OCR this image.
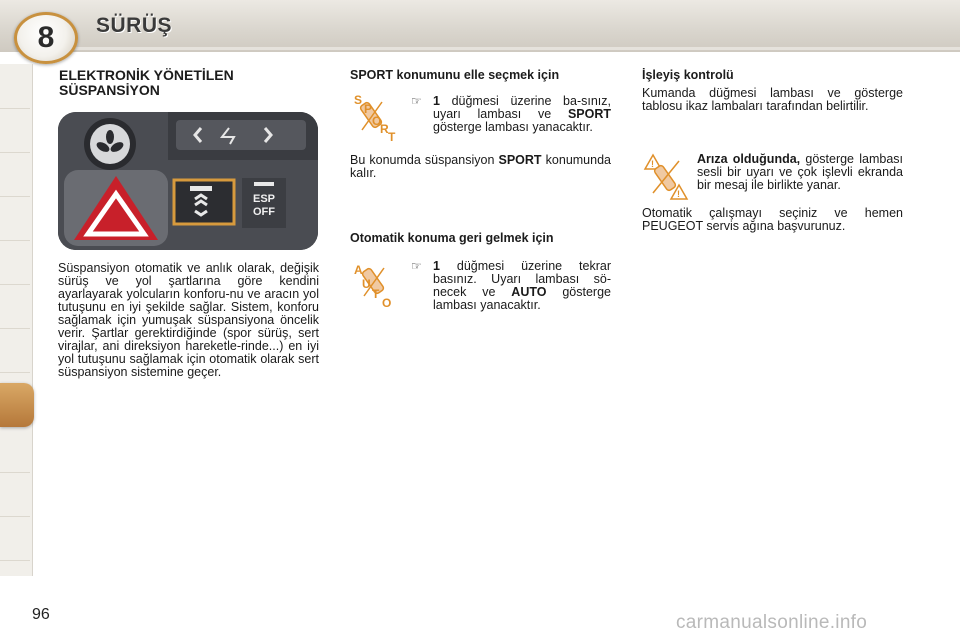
8	SÜRÜŞ
ELEKTRONİK YÖNETİLEN
SÜSPANSİYON
ESP
OFF
Süspansiyon otomatik ve anlık olarak, değişik sürüş ve yol şartlarına göre kendini ayarlayarak yolcuların konforu-nu ve aracın yol tutuşunu en iyi şekilde sağlar. Sistem, konforu sağlamak için yumuşak süspansiyona öncelik verir. Şartlar gerektirdiğinde (spor sürüş, sert virajlar, ani direksiyon hareketle-rinde...) en iyi yol tutuşunu sağlamak için otomatik olarak sert süspansiyon sistemine geçer.
SPORT konumunu elle seçmek için
S
P
O
R
T
☞ 1 düğmesi üzerine ba-sınız, uyarı lambası ve SPORT gösterge lambası yanacaktır.
Bu konumda süspansiyon SPORT konumunda kalır.
Otomatik konuma geri gelmek için
A
U
T
O
☞ 1 düğmesi üzerine tekrar basınız. Uyarı lambası sö-necek ve AUTO gösterge lambası yanacaktır.
İşleyiş kontrolü
Kumanda düğmesi lambası ve gösterge tablosu ikaz lambaları tarafından belirtilir.
!
!
Arıza olduğunda, gösterge lambası sesli bir uyarı ve çok işlevli ekranda bir mesaj ile birlikte yanar.
Otomatik çalışmayı seçiniz ve hemen PEUGEOT servis ağına başvurunuz.
96	carmanualsonline.info
